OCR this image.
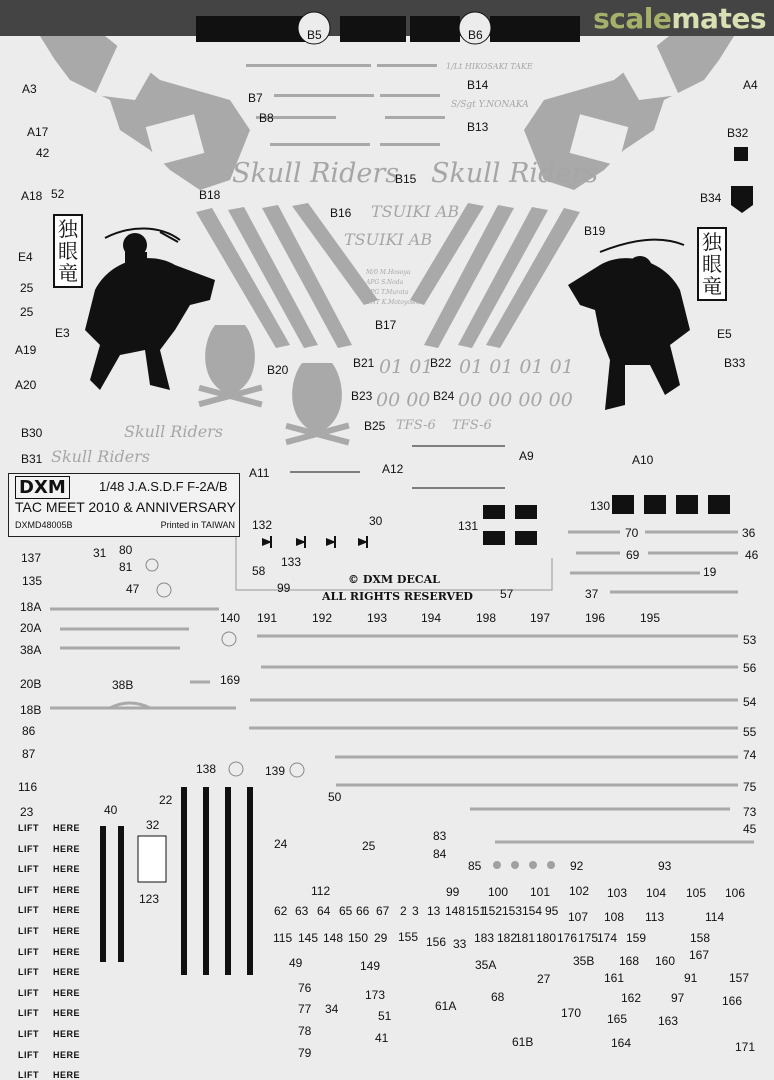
scalemates
独
眼
竜
独
眼
竜
Skull Riders Skull Riders
TSUIKI AB
TSUIKI AB
Skull Riders
Skull Riders
01 01 01 01 01 01
00 00 00 00 00 00
TFS-6 TFS-6
S/Sgt Y.NONAKA
1/Lt HIKOSAKI TAKE
M/0 M.Hosoya
APG S.Noda
APG T.Murata
CNT K.Motoyoshi
DXM	1/48 J.A.S.D.F F-2A/B
TAC MEET 2010 & ANNIVERSARY
DXMD48005B	Printed in TAIWAN
© DXM DECAL
ALL RIGHTS RESERVED
LIFT HERE
LIFT HERE
LIFT HERE
LIFT HERE
LIFT HERE
LIFT HERE
LIFT HERE
LIFT HERE
LIFT HERE
LIFT HERE
LIFT HERE
LIFT HERE
LIFT HERE
B5	B6
A3	A4
B14
B7
B8
B13
A17	B32
42
B15
A18 52	B18	B34
B16
B19
E4
25
25
B17
E3	E5
A19
B20	B21	B22	B33
A20
B23	B24
B25
B30
A9	A10
B31
A11	A12
130
30	131
132
70	36
137	31 80
133	69	46
81	58	19
135	99
47	57	37
18A
140 191	192	193	194	198	197	196	195
20A
53
38A
56
169
20B	38B
54
18B
86	55
87	74
138	139
116	75
22	50
40
23	73
32	45
83
24	25
84
85	92	93
112	99 100 101 102 103 104 105 106
123
62 63 64 65 66 67 2 3 13 148 151
152 153 154 95 107 108 113	114
115 145 148 150 29 155 156 33 183 182
181 180 176 175
174 159	158
167
49	149	35A	35B 168 160
27	161	91	157
76	173	68	162 97	166
77 34	61A
51	170 165	163
78	41	61B	164	171
79
